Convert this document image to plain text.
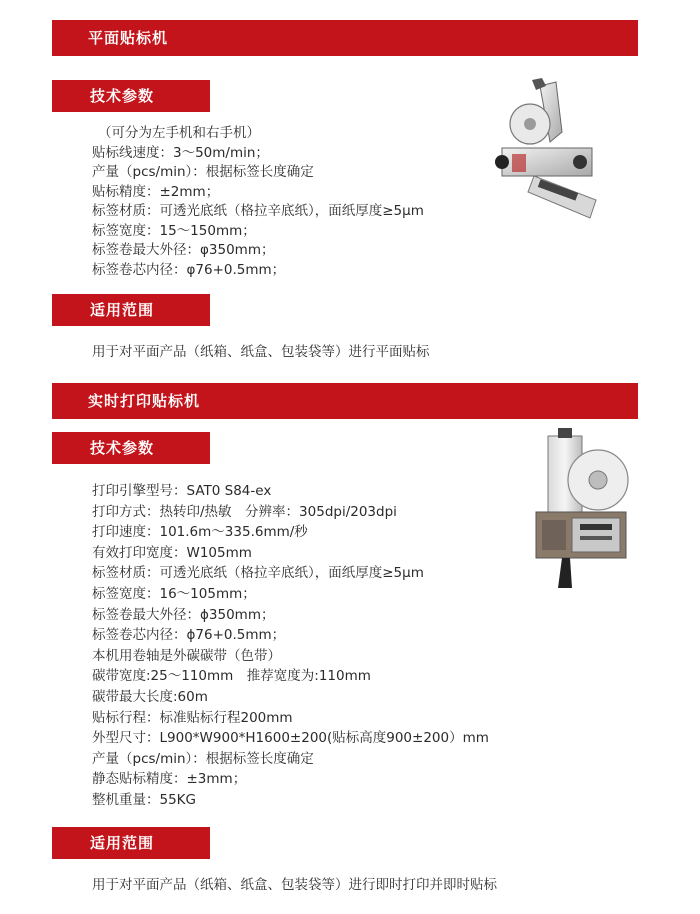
平面贴标机
技术参数
（可分为左手机和右手机）
贴标线速度：3～50m/min；
产量（pcs/min）：根据标签长度确定
贴标精度：±2mm；
标签材质：可透光底纸（格拉辛底纸），面纸厚度≥5μm
标签宽度：15～150mm；
标签卷最大外径：φ350mm；
标签卷芯内径：φ76+0.5mm；
适用范围
用于对平面产品（纸箱、纸盒、包装袋等）进行平面贴标
实时打印贴标机
技术参数
打印引擎型号：SAT0 S84-ex
打印方式：热转印/热敏　分辨率：305dpi/203dpi
打印速度：101.6m～335.6mm/秒
有效打印宽度：W105mm
标签材质：可透光底纸（格拉辛底纸），面纸厚度≥5μm
标签宽度：16～105mm；
标签卷最大外径：ϕ350mm；
标签卷芯内径：ϕ76+0.5mm；
本机用卷轴是外碳碳带（色带）
碳带宽度:25～110mm　推荐宽度为:110mm
碳带最大长度:60m
贴标行程：标准贴标行程200mm
外型尺寸：L900*W900*H1600±200(贴标高度900±200）mm
产量（pcs/min）：根据标签长度确定
静态贴标精度：±3mm；
整机重量：55KG
适用范围
用于对平面产品（纸箱、纸盒、包装袋等）进行即时打印并即时贴标
